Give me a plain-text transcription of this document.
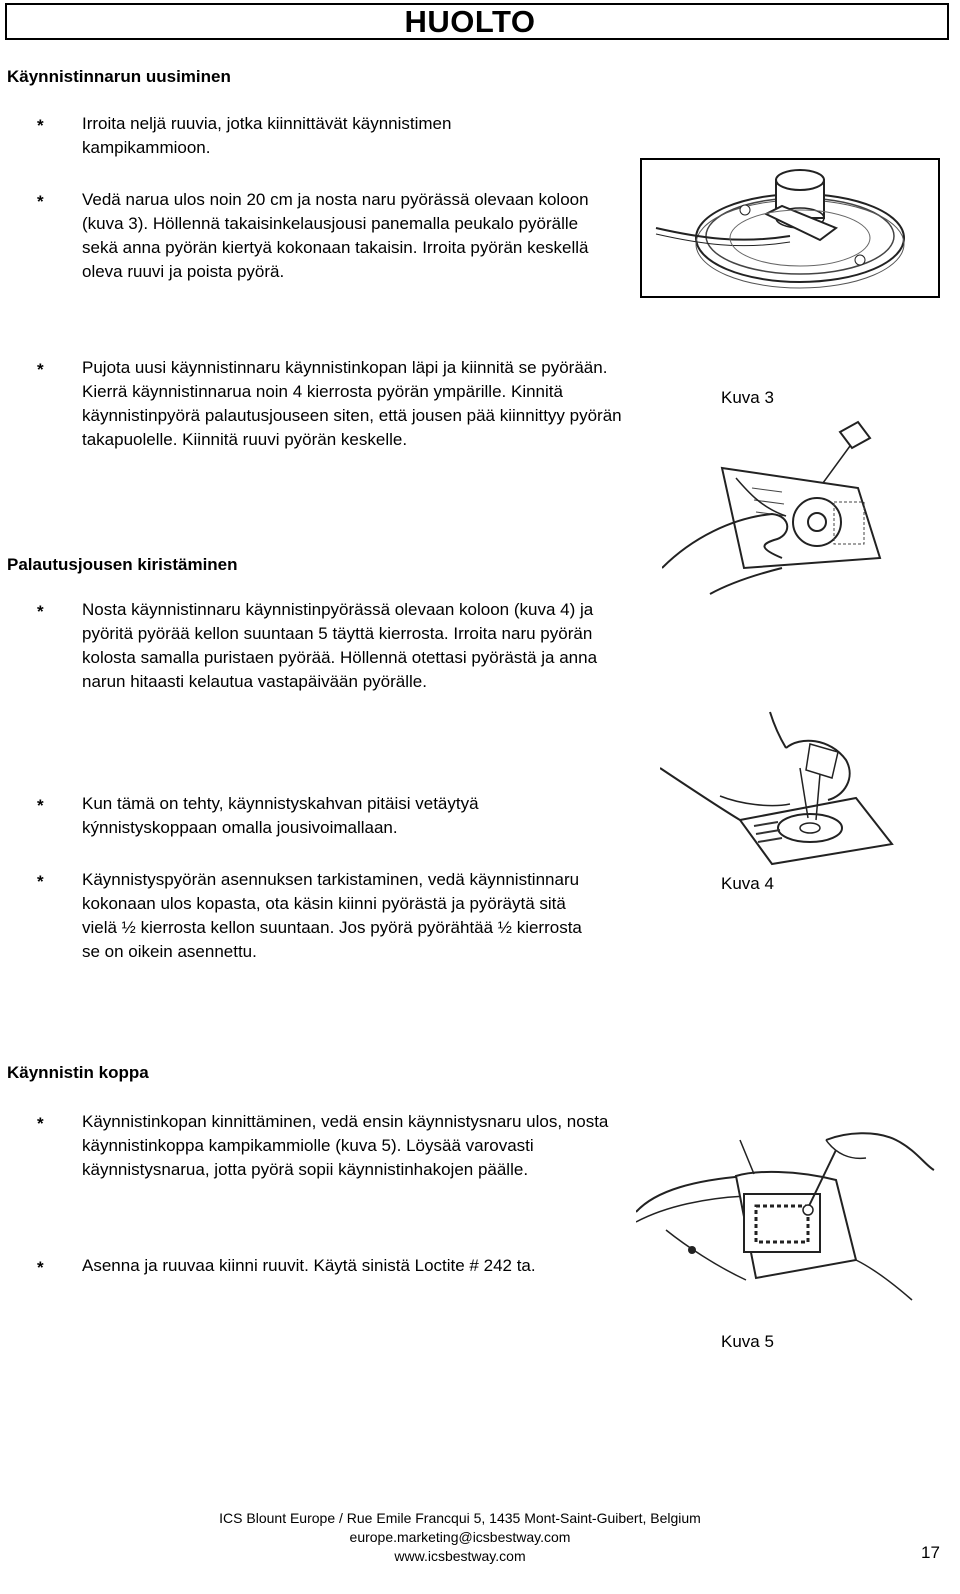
HUOLTO
Käynnistinnarun uusiminen
* Irroita neljä ruuvia, jotka kiinnittävät käynnistimen kampikammioon.
* Vedä narua ulos noin 20 cm ja nosta naru pyörässä olevaan koloon (kuva 3). Höllennä takaisinkelausjousi panemalla peukalo pyörälle sekä anna pyörän kiertyä kokonaan takaisin. Irroita pyörän keskellä oleva ruuvi ja poista pyörä.
* Pujota uusi käynnistinnaru käynnistinkopan läpi ja kiinnitä se pyörään. Kierrä käynnistinnarua noin 4 kierrosta pyörän ympärille. Kinnitä käynnistinpyörä palautusjouseen siten, että jousen pää kiinnittyy pyörän takapuolelle. Kiinnitä ruuvi pyörän keskelle.
Kuva 3
Palautusjousen kiristäminen
* Nosta käynnistinnaru käynnistinpyörässä olevaan koloon (kuva 4) ja pyöritä pyörää kellon suuntaan 5 täyttä kierrosta. Irroita naru pyörän kolosta samalla puristaen pyörää. Höllennä otettasi pyörästä ja anna narun hitaasti kelautua vastapäivään pyörälle.
* Kun tämä on tehty, käynnistyskahvan pitäisi vetäytyä kýnnistyskoppaan omalla jousivoimallaan.
* Käynnistyspyörän asennuksen tarkistaminen, vedä käynnistinnaru kokonaan ulos kopasta, ota käsin kiinni pyörästä ja pyöräytä sitä vielä ½ kierrosta kellon suuntaan. Jos pyörä pyörähtää ½ kierrosta se on oikein asennettu.
Kuva 4
Käynnistin koppa
* Käynnistinkopan kinnittäminen, vedä ensin käynnistysnaru ulos, nosta käynnistinkoppa kampikammiolle (kuva 5). Löysää varovasti käynnistysnarua, jotta pyörä sopii käynnistinhakojen päälle.
* Asenna ja ruuvaa kiinni ruuvit. Käytä sinistä Loctite # 242 ta.
Kuva 5
ICS Blount Europe / Rue Emile Francqui 5, 1435 Mont-Saint-Guibert, Belgium
europe.marketing@icsbestway.com
www.icsbestway.com	17
